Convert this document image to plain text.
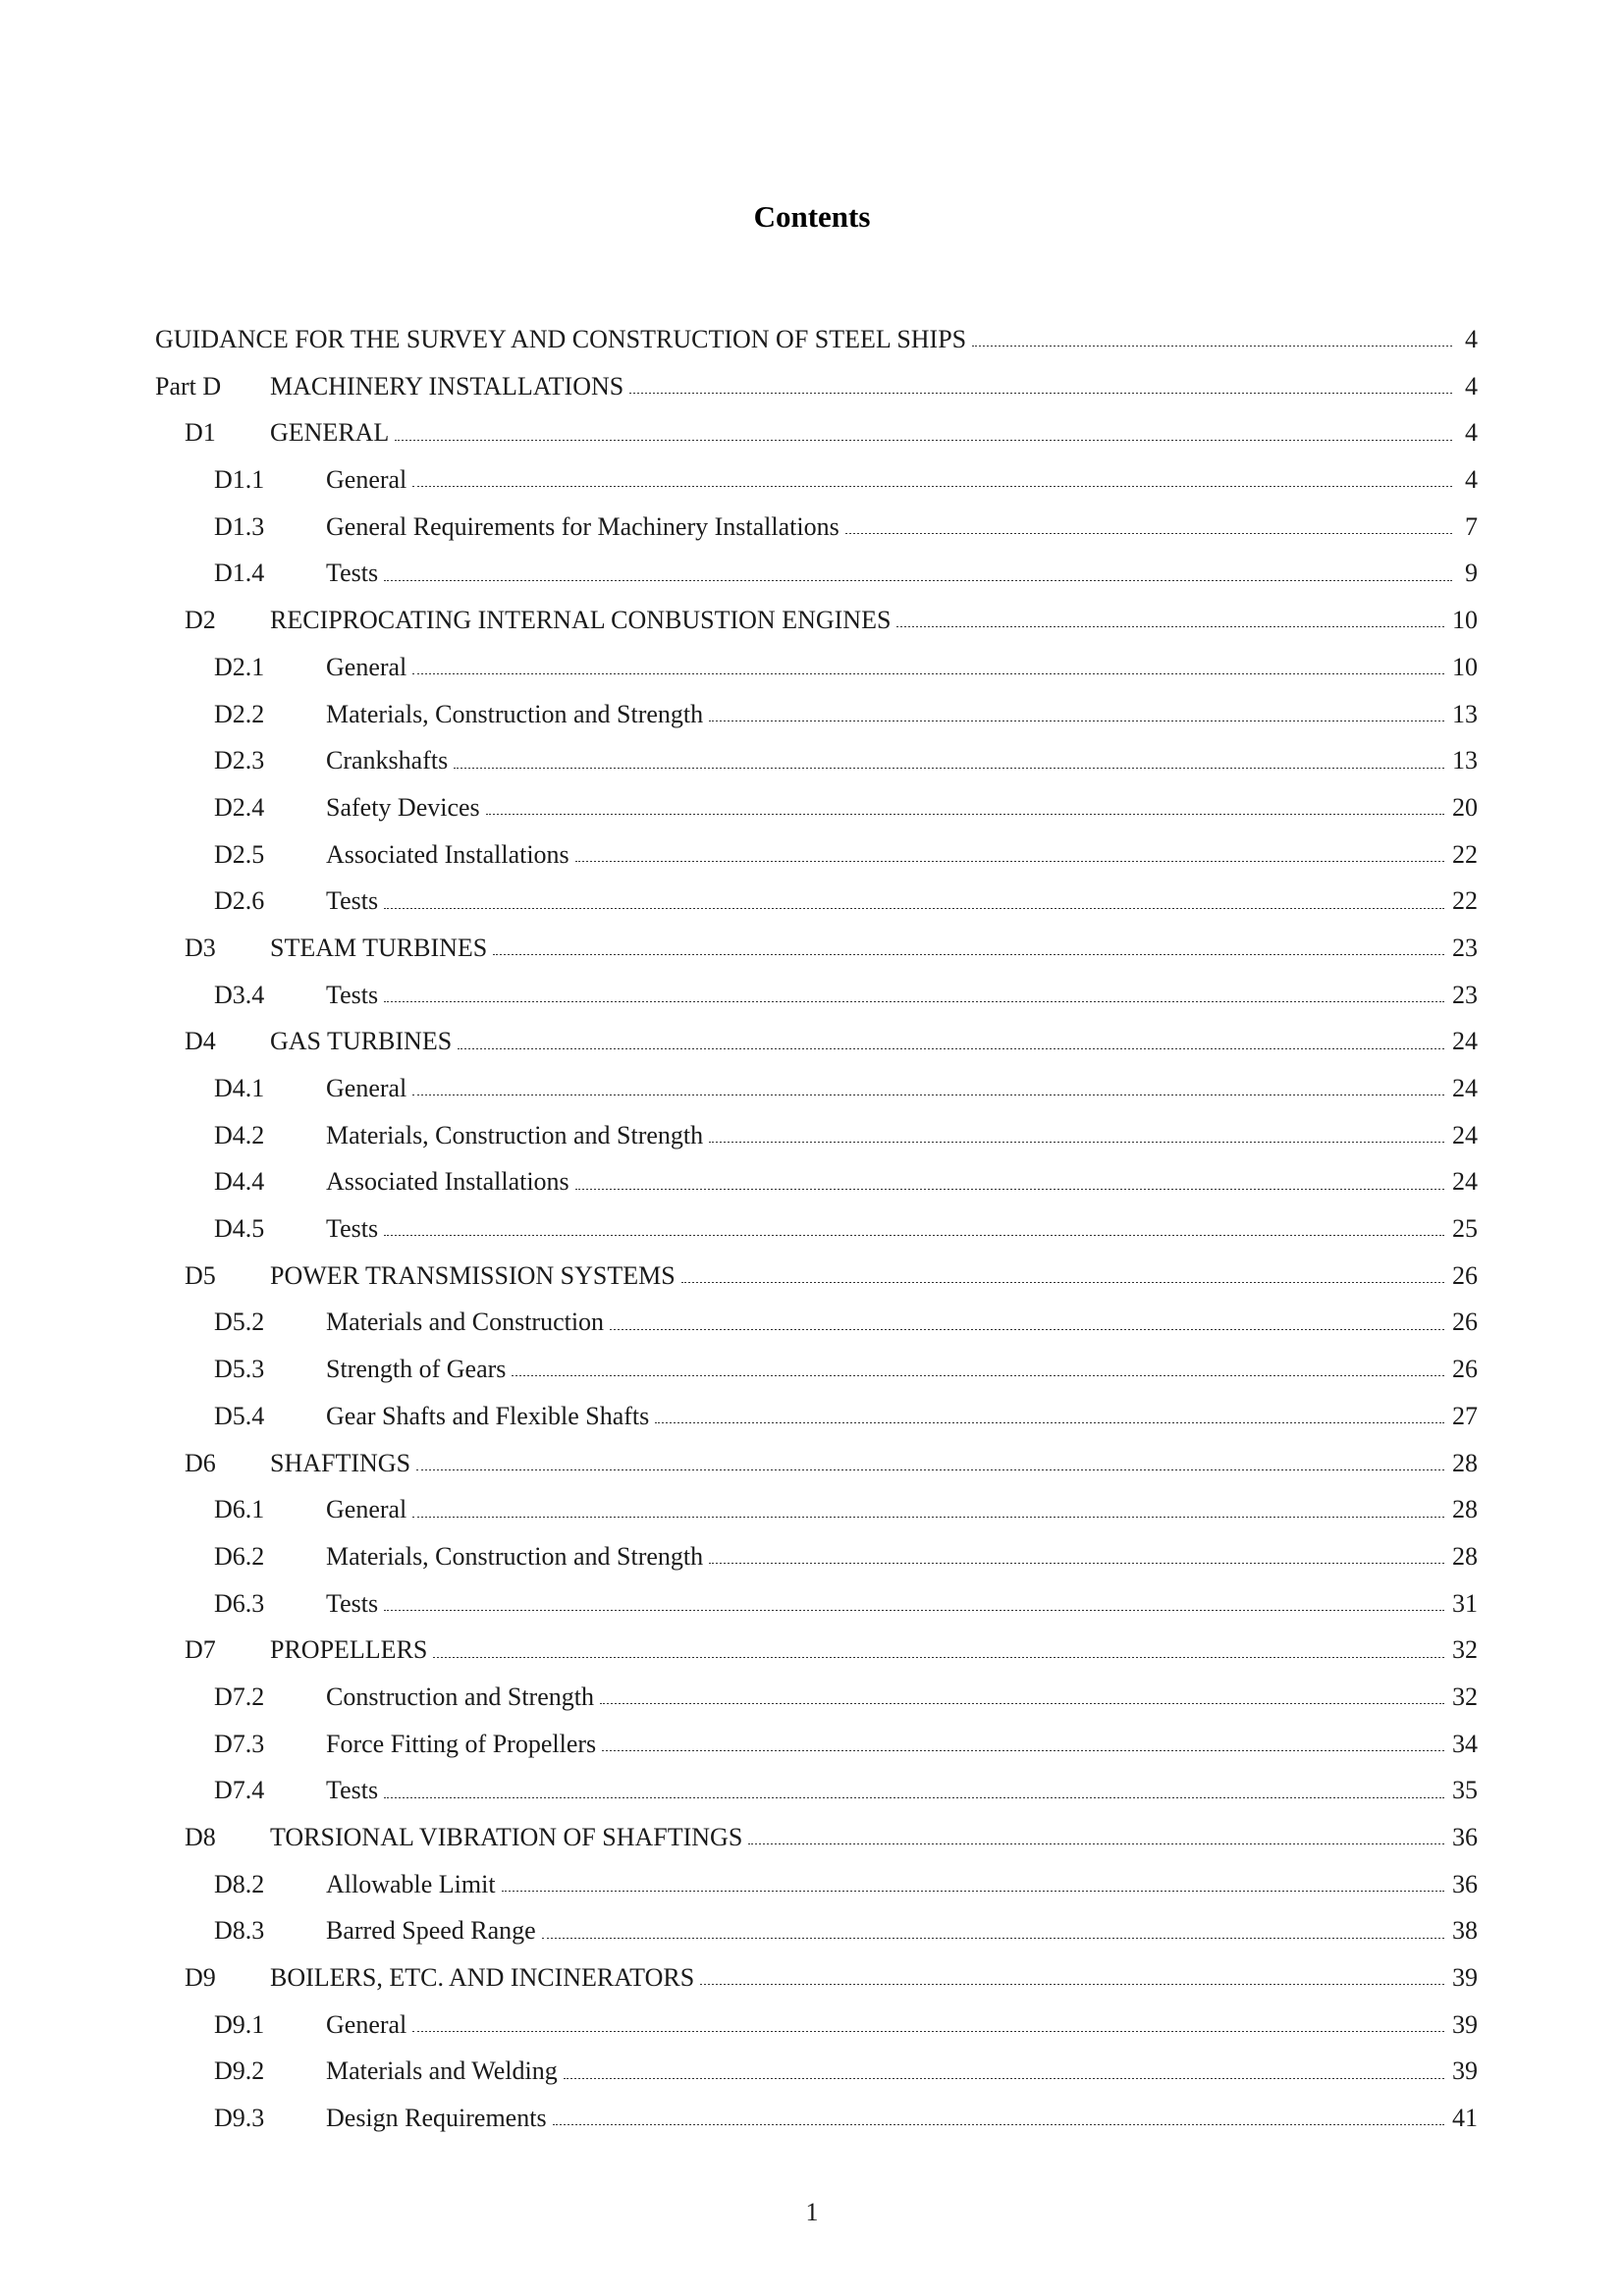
Contents
GUIDANCE FOR THE SURVEY AND CONSTRUCTION OF STEEL SHIPS	4
Part D	MACHINERY INSTALLATIONS	4
D1	GENERAL	4
D1.1	General	4
D1.3	General Requirements for Machinery Installations	7
D1.4	Tests	9
D2	RECIPROCATING INTERNAL CONBUSTION ENGINES	10
D2.1	General	10
D2.2	Materials, Construction and Strength	13
D2.3	Crankshafts	13
D2.4	Safety Devices	20
D2.5	Associated Installations	22
D2.6	Tests	22
D3	STEAM TURBINES	23
D3.4	Tests	23
D4	GAS TURBINES	24
D4.1	General	24
D4.2	Materials, Construction and Strength	24
D4.4	Associated Installations	24
D4.5	Tests	25
D5	POWER TRANSMISSION SYSTEMS	26
D5.2	Materials and Construction	26
D5.3	Strength of Gears	26
D5.4	Gear Shafts and Flexible Shafts	27
D6	SHAFTINGS	28
D6.1	General	28
D6.2	Materials, Construction and Strength	28
D6.3	Tests	31
D7	PROPELLERS	32
D7.2	Construction and Strength	32
D7.3	Force Fitting of Propellers	34
D7.4	Tests	35
D8	TORSIONAL VIBRATION OF SHAFTINGS	36
D8.2	Allowable Limit	36
D8.3	Barred Speed Range	38
D9	BOILERS, ETC. AND INCINERATORS	39
D9.1	General	39
D9.2	Materials and Welding	39
D9.3	Design Requirements	41
1
